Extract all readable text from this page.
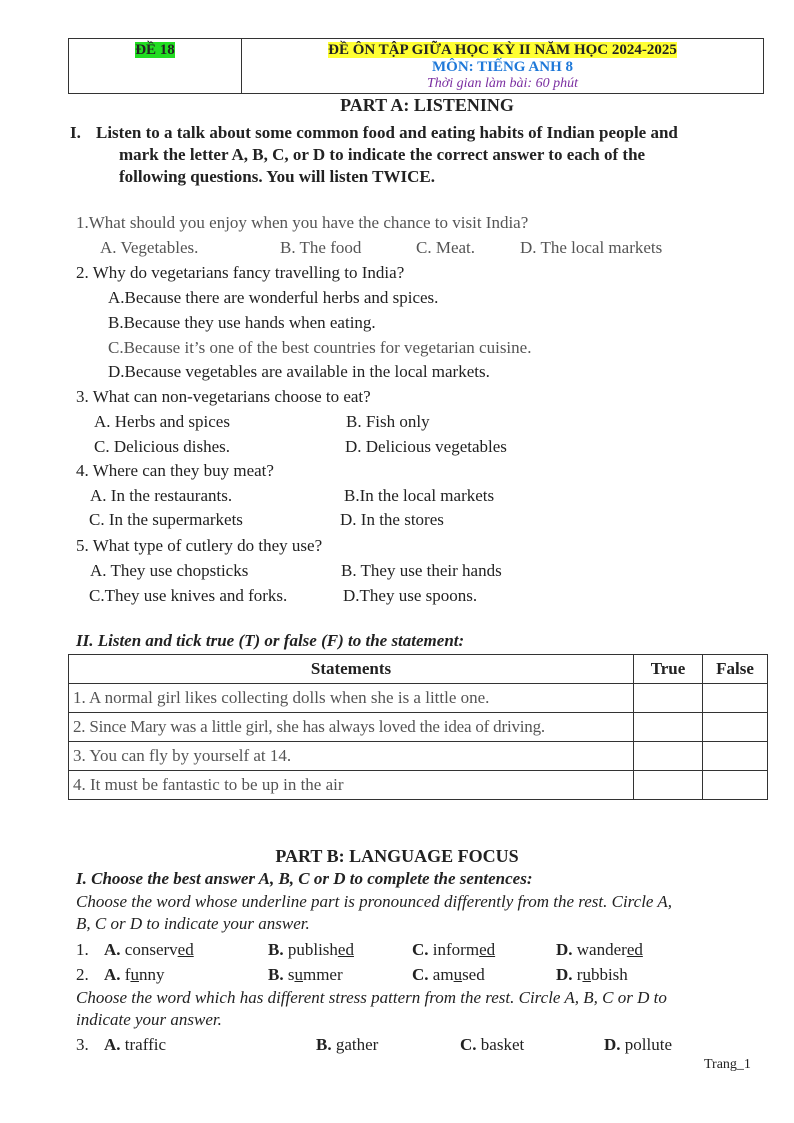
ĐỀ 18	ĐỀ ÔN TẬP GIỮA HỌC KỲ II NĂM HỌC 2024-2025
MÔN: TIẾNG ANH 8
Thời gian làm bài: 60 phút
PART A: LISTENING
I. Listen to a talk about some common food and eating habits of Indian people and
mark the letter A, B, C, or D to indicate the correct answer to each of the
following questions. You will listen TWICE.
1.What should you enjoy when you have the chance to visit India?
A. Vegetables.	B. The food	C. Meat.	D. The local markets
2. Why do vegetarians fancy travelling to India?
A.Because there are wonderful herbs and spices.
B.Because they use hands when eating.
C.Because it’s one of the best countries for vegetarian cuisine.
D.Because vegetables are available in the local markets.
3. What can non-vegetarians choose to eat?
A. Herbs and spices	B. Fish only
C. Delicious dishes.	D. Delicious vegetables
4. Where can they buy meat?
A. In the restaurants.	B.In the local markets
C. In the supermarkets	D. In the stores
5. What type of cutlery do they use?
A. They use chopsticks	B. They use their hands
C.They use knives and forks.	D.They use spoons.
II. Listen and tick true (T) or false (F) to the statement:
Statements	True	False
1. A normal girl likes collecting dolls when she is a little one.		
2. Since Mary was a little girl, she has always loved the idea of driving.		
3. You can fly by yourself at 14.		
4. It must be fantastic to be up in the air		
PART B: LANGUAGE FOCUS
I. Choose the best answer A, B, C or D to complete the sentences:
Choose the word whose underline part is pronounced differently from the rest. Circle A,
B, C or D to indicate your answer.
1. A. conserved	B. published	C. informed	D. wandered
2. A. funny	B. summer	C. amused	D. rubbish
Choose the word which has different stress pattern from the rest. Circle A, B, C or D to
indicate your answer.
3. A. traffic	B. gather	C. basket	D. pollute
Trang_1
